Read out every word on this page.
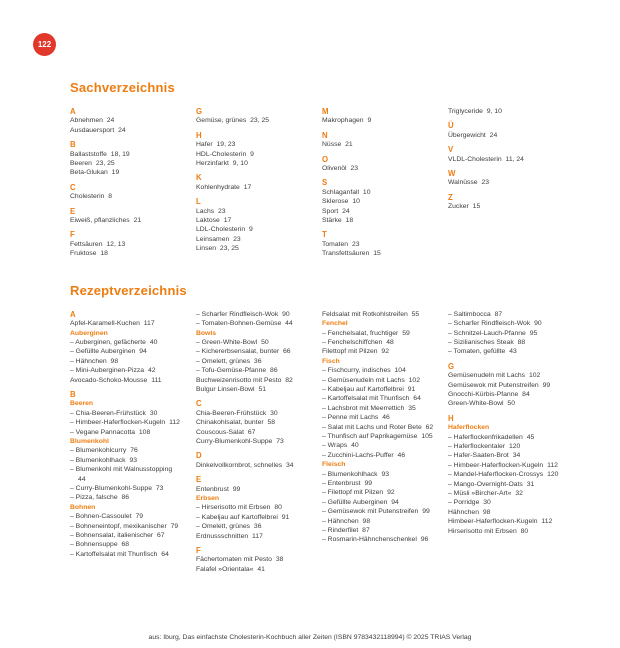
122
Sachverzeichnis
A
Abnehmen 24
Ausdauersport 24
B
Ballaststoffe 18, 19
Beeren 23, 25
Beta-Glukan 19
C
Cholesterin 8
E
Eiweiß, pflanzliches 21
F
Fettsäuren 12, 13
Fruktose 18
G
Gemüse, grünes 23, 25
H
Hafer 19, 23
HDL-Cholesterin 9
Herzinfarkt 9, 10
K
Kohlenhydrate 17
L
Lachs 23
Laktose 17
LDL-Cholesterin 9
Leinsamen 23
Linsen 23, 25
M
Makrophagen 9
N
Nüsse 21
O
Olivenöl 23
S
Schlaganfall 10
Sklerose 10
Sport 24
Stärke 18
T
Tomaten 23
Transfettsäuren 15
Triglyceride 9, 10
Ü
Übergewicht 24
V
VLDL-Cholesterin 11, 24
W
Walnüsse 23
Z
Zucker 15
Rezeptverzeichnis
A
Apfel-Karamell-Kuchen 117
Auberginen
– Auberginen, gefächerte 40
– Gefüllte Auberginen 94
– Hähnchen 98
– Mini-Auberginen-Pizza 42
Avocado-Schoko-Mousse 111
B
Beeren
– Chia-Beeren-Frühstück 30
– Himbeer-Haferflocken-Kugeln 112
– Vegane Pannacotta 108
Blumenkohl
– Blumenkohlcurry 76
– Blumenkohlhack 93
– Blumenkohl mit Walnusstopping 44
– Curry-Blumenkohl-Suppe 73
– Pizza, falsche 86
Bohnen
– Bohnen-Cassoulet 79
– Bohneneintopf, mexikanischer 79
– Bohnensalat, italienischer 67
– Bohnensuppe 68
– Kartoffelsalat mit Thunfisch 64
– Scharfer Rindfleisch-Wok 90
– Tomaten-Bohnen-Gemüse 44
Bowls
– Green-White-Bowl 50
– Kichererbsensalat, bunter 66
– Omelett, grünes 36
– Tofu-Gemüse-Pfanne 86
Buchweizenrisotto mit Pesto 82
Bulgur Linsen-Bowl 51
C
Chia-Beeren-Frühstück 30
Chinakohlsalat, bunter 58
Couscous-Salat 67
Curry-Blumenkohl-Suppe 73
D
Dinkelvollkornbrot, schnelles 34
E
Entenbrust 99
Erbsen
– Hirserisotto mit Erbsen 80
– Kabeljau auf Kartoffelbrei 91
– Omelett, grünes 36
Erdnussschnitten 117
F
Fächertomaten mit Pesto 38
Falafel »Orientala« 41
Feldsalat mit Rotkohlstreifen 55
Fenchel
– Fenchelsalat, fruchtiger 59
– Fenchelschiffchen 48
Filettopf mit Pilzen 92
Fisch
– Fischcurry, indisches 104
– Gemüsenudeln mit Lachs 102
– Kabeljau auf Kartoffelbrei 91
– Kartoffelsalat mit Thunfisch 64
– Lachsbrot mit Meerrettich 35
– Penne mit Lachs 46
– Salat mit Lachs und Roter Bete 62
– Thunfisch auf Paprikagemüse 105
– Wraps 40
– Zucchini-Lachs-Puffer 46
Fleisch
– Blumenkohlhack 93
– Entenbrust 99
– Filettopf mit Pilzen 92
– Gefüllte Auberginen 94
– Gemüsewok mit Putenstreifen 99
– Hähnchen 98
– Rinderfilet 87
– Rosmarin-Hähnchenschenkel 96
– Saltimbocca 87
– Scharfer Rindfleisch-Wok 90
– Schnitzel-Lauch-Pfanne 95
– Sizilianisches Steak 88
– Tomaten, gefüllte 43
G
Gemüsenudeln mit Lachs 102
Gemüsewok mit Putenstreifen 99
Gnocchi-Kürbis-Pfanne 84
Green-White-Bowl 50
H
Haferflocken
– Haferflockenfrikadellen 45
– Haferflockentaler 120
– Hafer-Saaten-Brot 34
– Himbeer-Haferflocken-Kugeln 112
– Mandel-Haferflocken-Crossys 120
– Mango-Overnight-Oats 31
– Müsli »Bircher-Art« 32
– Porridge 30
Hähnchen 98
Himbeer-Haferflocken-Kugeln 112
Hirserisotto mit Erbsen 80
aus: Iburg, Das einfachste Cholesterin-Kochbuch aller Zeiten (ISBN 9783432118994) © 2025 TRIAS Verlag
